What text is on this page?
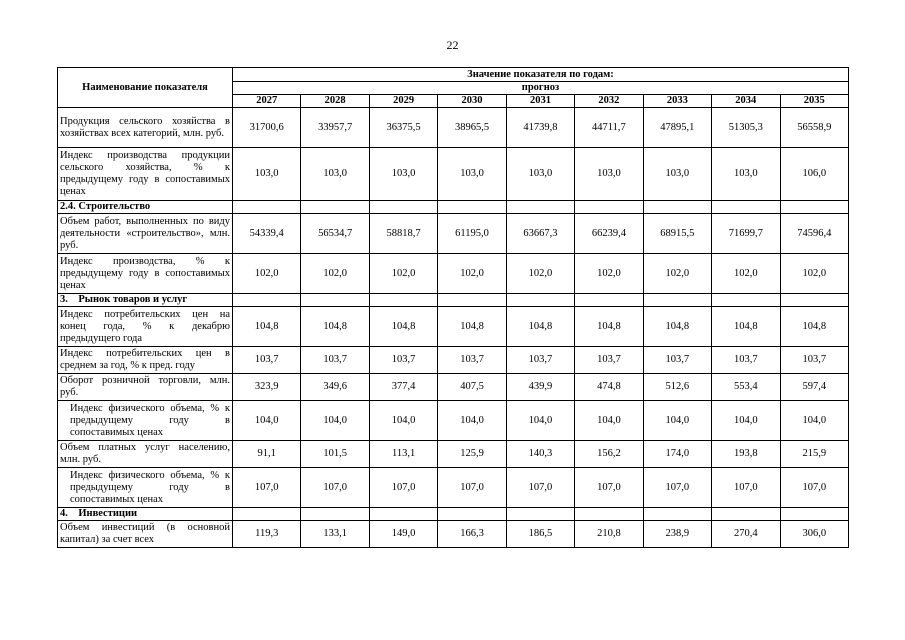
22
Наименование показателя	Значение показателя по годам:								
	прогноз								
	2027	2028	2029	2030	2031	2032	2033	2034	2035
Продукция сельского хозяйства в хозяйствах всех категорий, млн. руб.	31700,6	33957,7	36375,5	38965,5	41739,8	44711,7	47895,1	51305,3	56558,9
Индекс производства продукции сельского хозяйства, % к предыдущему году в сопоставимых ценах	103,0	103,0	103,0	103,0	103,0	103,0	103,0	103,0	106,0
2.4. Строительство									
Объем работ, выполненных по виду деятельности «строительство», млн. руб.	54339,4	56534,7	58818,7	61195,0	63667,3	66239,4	68915,5	71699,7	74596,4
Индекс производства, % к предыдущему году в сопоставимых ценах	102,0	102,0	102,0	102,0	102,0	102,0	102,0	102,0	102,0
3.    Рынок товаров и услуг									
Индекс потребительских цен на конец года, % к декабрю предыдущего года	104,8	104,8	104,8	104,8	104,8	104,8	104,8	104,8	104,8
Индекс потребительских цен в среднем за год, % к пред. году	103,7	103,7	103,7	103,7	103,7	103,7	103,7	103,7	103,7
Оборот розничной торговли, млн. руб.	323,9	349,6	377,4	407,5	439,9	474,8	512,6	553,4	597,4
Индекс физического объема, % к предыдущему году в сопоставимых ценах	104,0	104,0	104,0	104,0	104,0	104,0	104,0	104,0	104,0
Объем платных услуг населению, млн. руб.	91,1	101,5	113,1	125,9	140,3	156,2	174,0	193,8	215,9
Индекс физического объема, % к предыдущему году в сопоставимых ценах	107,0	107,0	107,0	107,0	107,0	107,0	107,0	107,0	107,0
4.    Инвестиции									
Объем инвестиций (в основной капитал) за счет всех	119,3	133,1	149,0	166,3	186,5	210,8	238,9	270,4	306,0
